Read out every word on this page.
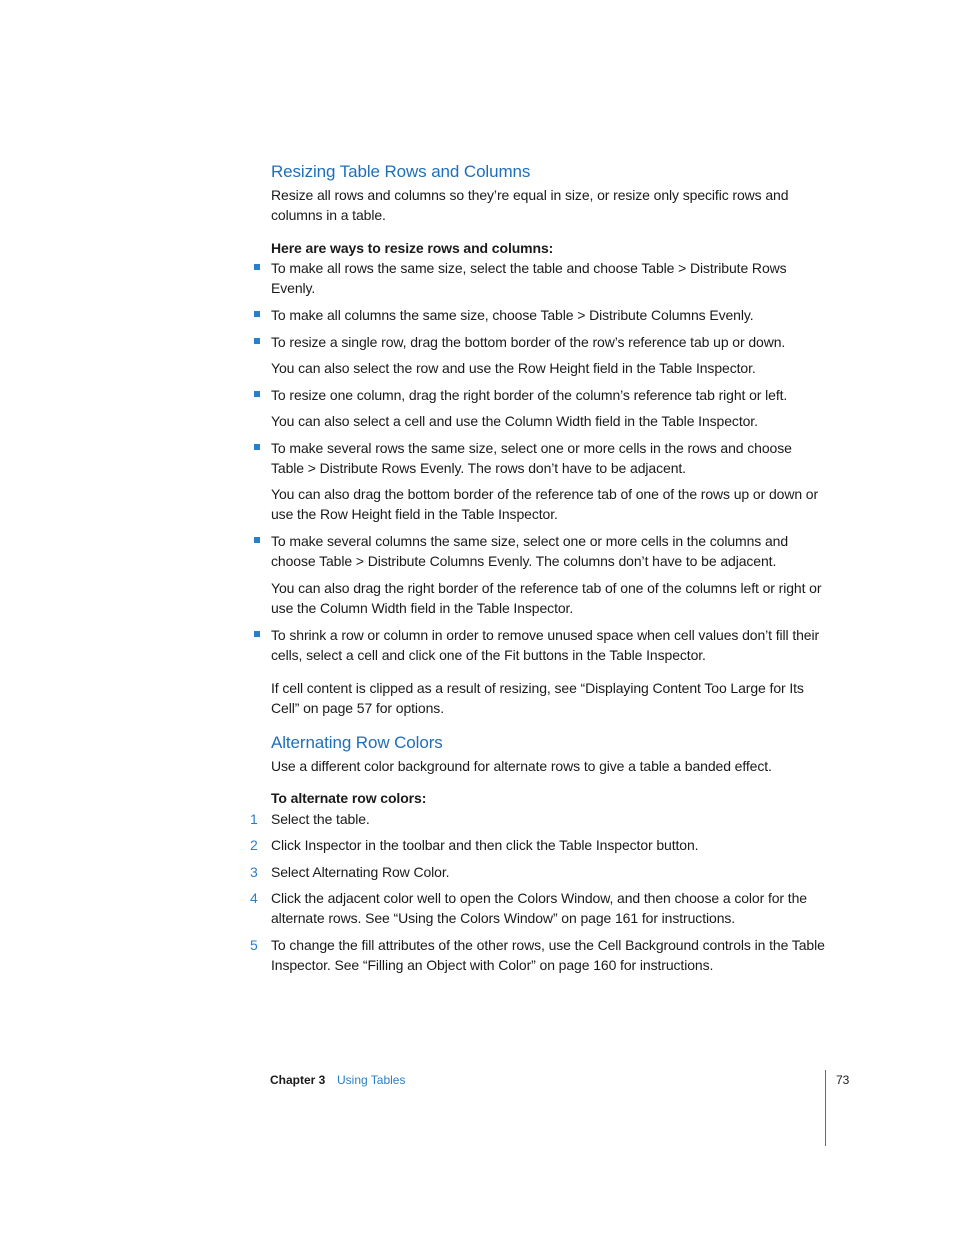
Resizing Table Rows and Columns

Resize all rows and columns so they’re equal in size, or resize only specific rows and columns in a table.

Here are ways to resize rows and columns:

To make all rows the same size, select the table and choose Table > Distribute Rows Evenly.

To make all columns the same size, choose Table > Distribute Columns Evenly.

To resize a single row, drag the bottom border of the row’s reference tab up or down.

You can also select the row and use the Row Height field in the Table Inspector.

To resize one column, drag the right border of the column’s reference tab right or left.

You can also select a cell and use the Column Width field in the Table Inspector.

To make several rows the same size, select one or more cells in the rows and choose Table > Distribute Rows Evenly. The rows don’t have to be adjacent.

You can also drag the bottom border of the reference tab of one of the rows up or down or use the Row Height field in the Table Inspector.

To make several columns the same size, select one or more cells in the columns and choose Table > Distribute Columns Evenly. The columns don’t have to be adjacent.

You can also drag the right border of the reference tab of one of the columns left or right or use the Column Width field in the Table Inspector.

To shrink a row or column in order to remove unused space when cell values don’t fill their cells, select a cell and click one of the Fit buttons in the Table Inspector.

If cell content is clipped as a result of resizing, see “Displaying Content Too Large for Its Cell” on page 57 for options.

Alternating Row Colors

Use a different color background for alternate rows to give a table a banded effect.

To alternate row colors:

1 Select the table.

2 Click Inspector in the toolbar and then click the Table Inspector button.

3 Select Alternating Row Color.

4 Click the adjacent color well to open the Colors Window, and then choose a color for the alternate rows. See “Using the Colors Window” on page 161 for instructions.

5 To change the fill attributes of the other rows, use the Cell Background controls in the Table Inspector. See “Filling an Object with Color” on page 160 for instructions.

Chapter 3 Using Tables	73
